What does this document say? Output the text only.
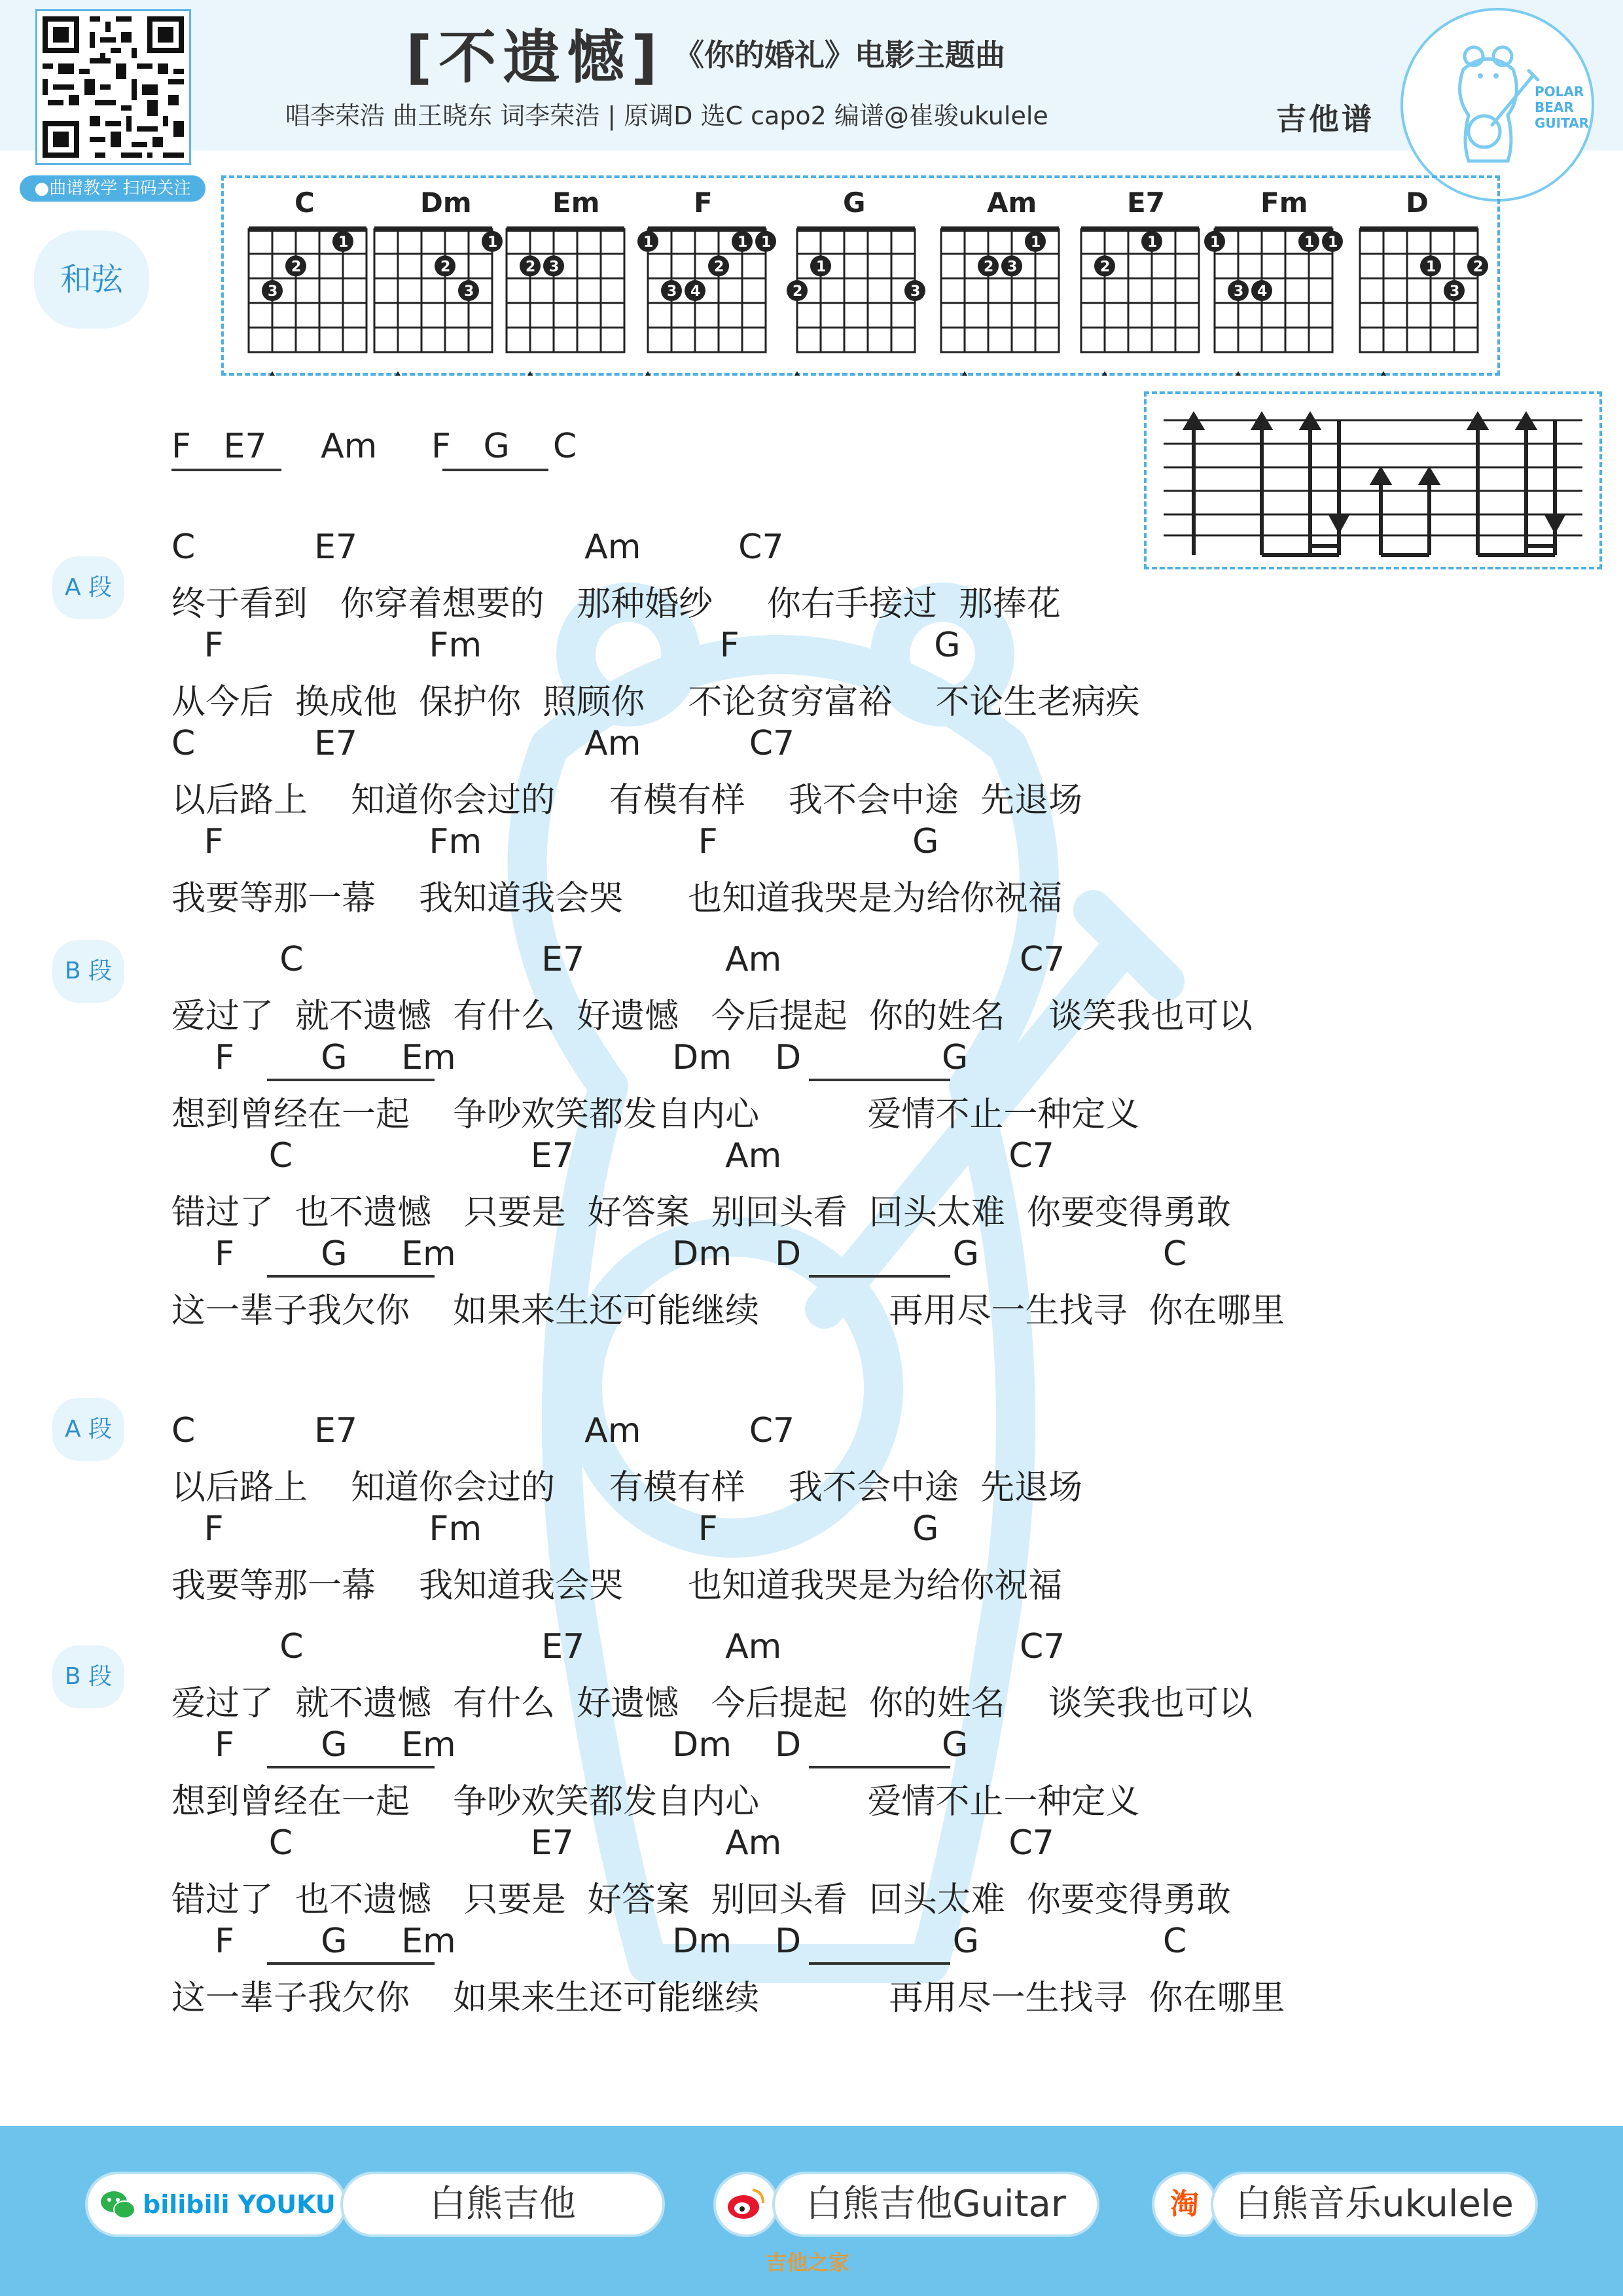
●曲谱教学 扫码关注
[不遗憾] 《你的婚礼》电影主题曲
唱李荣浩 曲王晓东 词李荣浩 | 原调D 选C capo2 编谱@崔骏ukulele	吉他谱
POLAR
BEAR
GUITAR
和弦
C
3
2
1
Dm
2
3
1
Em
2 3
F
1
3 4
2
1 1
G
2
1
3
Am
2 3
1
E7
2
1
Fm
1
3 4
1 1
D
1
3
2
F   E7     Am     F   G    C
A 段
C           E7                     Am         C7
终于看到   你穿着想要的   那种婚纱     你右手接过  那捧花
F                   Fm                      F                  G
从今后  换成他  保护你  照顾你    不论贫穷富裕    不论生老病疾
C           E7                     Am          C7
以后路上    知道你会过的     有模有样    我不会中途  先退场
F                   Fm                    F                  G
我要等那一幕    我知道我会哭      也知道我哭是为给你祝福
B 段	C                      E7             Am                      C7
爱过了  就不遗憾  有什么  好遗憾   今后提起  你的姓名    谈笑我也可以
F        G     Em                    Dm    D             G
想到曾经在一起    争吵欢笑都发自内心          爱情不止一种定义
C                      E7              Am                     C7
错过了  也不遗憾   只要是  好答案  别回头看  回头太难  你要变得勇敢
F        G     Em                    Dm    D              G                 C
这一辈子我欠你    如果来生还可能继续            再用尽一生找寻  你在哪里
A 段	C           E7                     Am          C7
以后路上    知道你会过的     有模有样    我不会中途  先退场
F                   Fm                    F                  G
我要等那一幕    我知道我会哭      也知道我哭是为给你祝福
B 段
C                      E7             Am                      C7
爱过了  就不遗憾  有什么  好遗憾   今后提起  你的姓名    谈笑我也可以
F        G     Em                    Dm    D             G
想到曾经在一起    争吵欢笑都发自内心          爱情不止一种定义
C                      E7              Am                     C7
错过了  也不遗憾   只要是  好答案  别回头看  回头太难  你要变得勇敢
F        G     Em                    Dm    D              G                 C
这一辈子我欠你    如果来生还可能继续            再用尽一生找寻  你在哪里
bilibili YOUKU	白熊吉他	白熊吉他Guitar	淘 白熊音乐ukulele
吉他之家
